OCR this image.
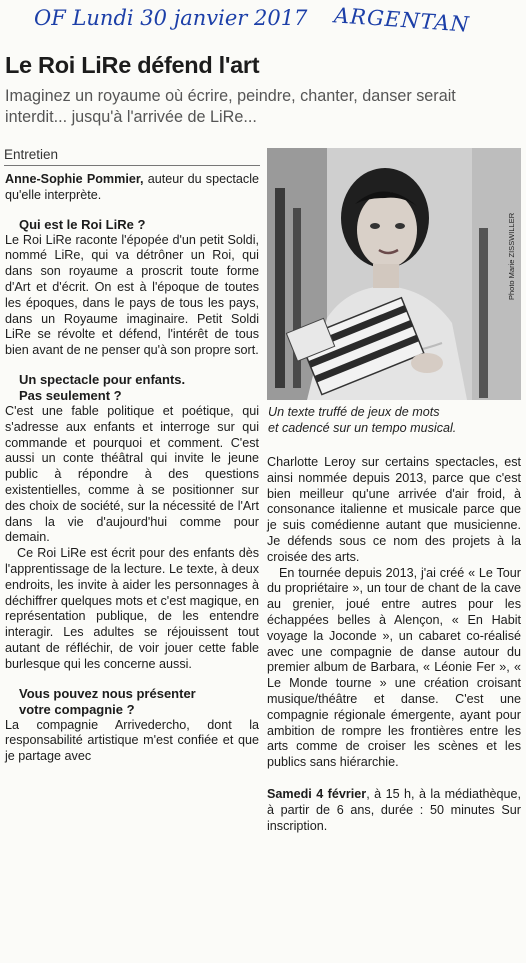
OF Lundi 30 janvier 2017 ARGENTAN
Le Roi LiRe défend l'art

Imaginez un royaume où écrire, peindre, chanter, danser serait interdit... jusqu'à l'arrivée de LiRe...

Entretien

Anne-Sophie Pommier, auteur du spectacle qu'elle interprète.

Qui est le Roi LiRe ?

Le Roi LiRe raconte l'épopée d'un petit Soldi, nommé LiRe, qui va détrôner un Roi, qui dans son royaume a proscrit toute forme d'Art et d'écrit. On est à l'époque de toutes les époques, dans le pays de tous les pays, dans un Royaume imaginaire. Petit Soldi LiRe se révolte et défend, l'intérêt de tous bien avant de ne penser qu'à son propre sort.

Un spectacle pour enfants.
Pas seulement ?

C'est une fable politique et poétique, qui s'adresse aux enfants et interroge sur qui commande et pourquoi et comment. C'est aussi un conte théâtral qui invite le jeune public à répondre à des questions existentielles, comme à se positionner sur des choix de société, sur la nécessité de l'Art dans la vie d'aujourd'hui comme pour demain.

Ce Roi LiRe est écrit pour des enfants dès l'apprentissage de la lecture. Le texte, à deux endroits, les invite à aider les personnages à déchiffrer quelques mots et c'est magique, en représentation publique, de les entendre interagir. Les adultes se réjouissent tout autant de réfléchir, de voir jouer cette fable burlesque qui les concerne aussi.

Vous pouvez nous présenter
votre compagnie ?

La compagnie Arrivedercho, dont la responsabilité artistique m'est confiée et que je partage avec

Photo Marie ZISSWILLER
Un texte truffé de jeux de mots
et cadencé sur un tempo musical.

Charlotte Leroy sur certains spectacles, est ainsi nommée depuis 2013, parce que c'est bien meilleur qu'une arrivée d'air froid, à consonance italienne et musicale parce que je suis comédienne autant que musicienne. Je défends sous ce nom des projets à la croisée des arts.

En tournée depuis 2013, j'ai créé « Le Tour du propriétaire », un tour de chant de la cave au grenier, joué entre autres pour les échappées belles à Alençon, « En Habit voyage la Joconde », un cabaret co-réalisé avec une compagnie de danse autour du premier album de Barbara, « Léonie Fer », « Le Monde tourne » une création croisant musique/théâtre et danse. C'est une compagnie régionale émergente, ayant pour ambition de rompre les frontières entre les arts comme de croiser les scènes et les publics sans hiérarchie.

Samedi 4 février, à 15 h, à la médiathèque, à partir de 6 ans, durée : 50 minutes Sur inscription.
